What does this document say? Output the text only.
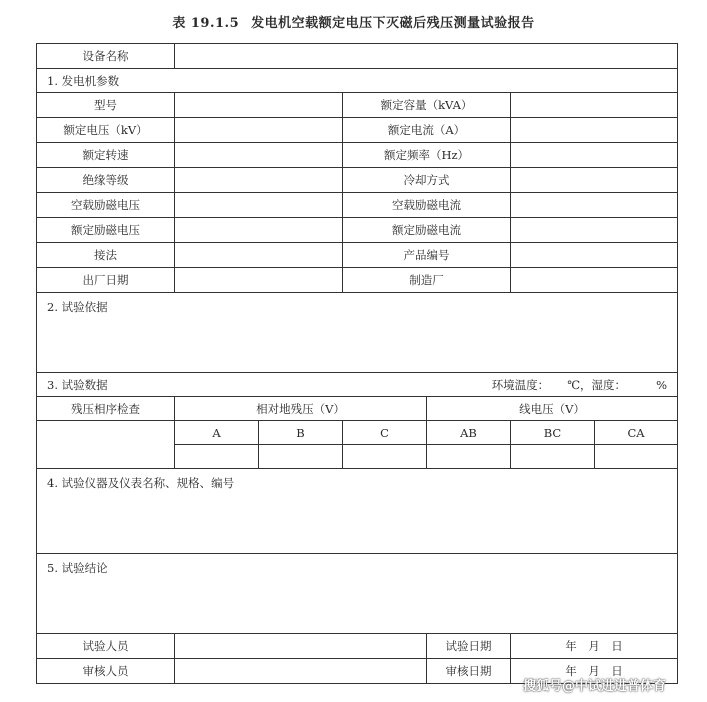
表 19.1.5 发电机空载额定电压下灭磁后残压测量试验报告
设备名称						
1. 发电机参数						
型号			额定容量（kVA）			
额定电压（kV）			额定电流（A）			
额定转速			额定频率（Hz）			
绝缘等级			冷却方式			
空载励磁电压			空载励磁电流			
额定励磁电压			额定励磁电流			
接法			产品编号			
出厂日期			制造厂			
2. 试验依据						
3. 试验数据 环境温度： ℃，湿度： %						

残压相序检查	相对地残压（V）			线电压（V）		
	A	B	C	AB	BC	CA

4. 试验仪器及仪表名称、规格、编号						
5. 试验结论						
试验人员				试验日期	年　月　日	
审核人员				审核日期	年　月　日	
搜狐号@中试进进普体育
